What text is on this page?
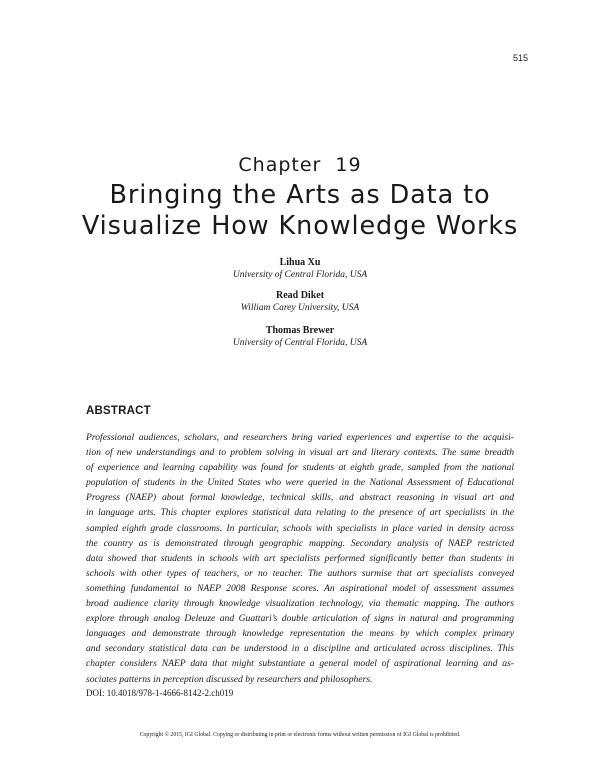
515
Chapter  19
Bringing the Arts as Data to
Visualize How Knowledge Works
Lihua Xu
University of Central Florida, USA
Read Diket
William Carey University, USA
Thomas Brewer
University of Central Florida, USA
ABSTRACT
Professional audiences, scholars, and researchers bring varied experiences and expertise to the acquisi-
tion of new understandings and to problem solving in visual art and literary contexts. The same breadth
of experience and learning capability was found for students at eighth grade, sampled from the national
population of students in the United States who were queried in the National Assessment of Educational
Progress (NAEP) about formal knowledge, technical skills, and abstract reasoning in visual art and
in language arts. This chapter explores statistical data relating to the presence of art specialists in the
sampled eighth grade classrooms. In particular, schools with specialists in place varied in density across
the country as is demonstrated through geographic mapping. Secondary analysis of NAEP restricted
data showed that students in schools with art specialists performed significantly better than students in
schools with other types of teachers, or no teacher. The authors surmise that art specialists conveyed
something fundamental to NAEP 2008 Response scores. An aspirational model of assessment assumes
broad audience clarity through knowledge visualization technology, via thematic mapping. The authors
explore through analog Deleuze and Guattari’s double articulation of signs in natural and programming
languages and demonstrate through knowledge representation the means by which complex primary
and secondary statistical data can be understood in a discipline and articulated across disciplines. This
chapter considers NAEP data that might substantiate a general model of aspirational learning and as-
sociates patterns in perception discussed by researchers and philosophers.
DOI: 10.4018/978-1-4666-8142-2.ch019
Copyright © 2015, IGI Global. Copying or distributing in print or electronic forms without written permission of IGI Global is prohibited.
